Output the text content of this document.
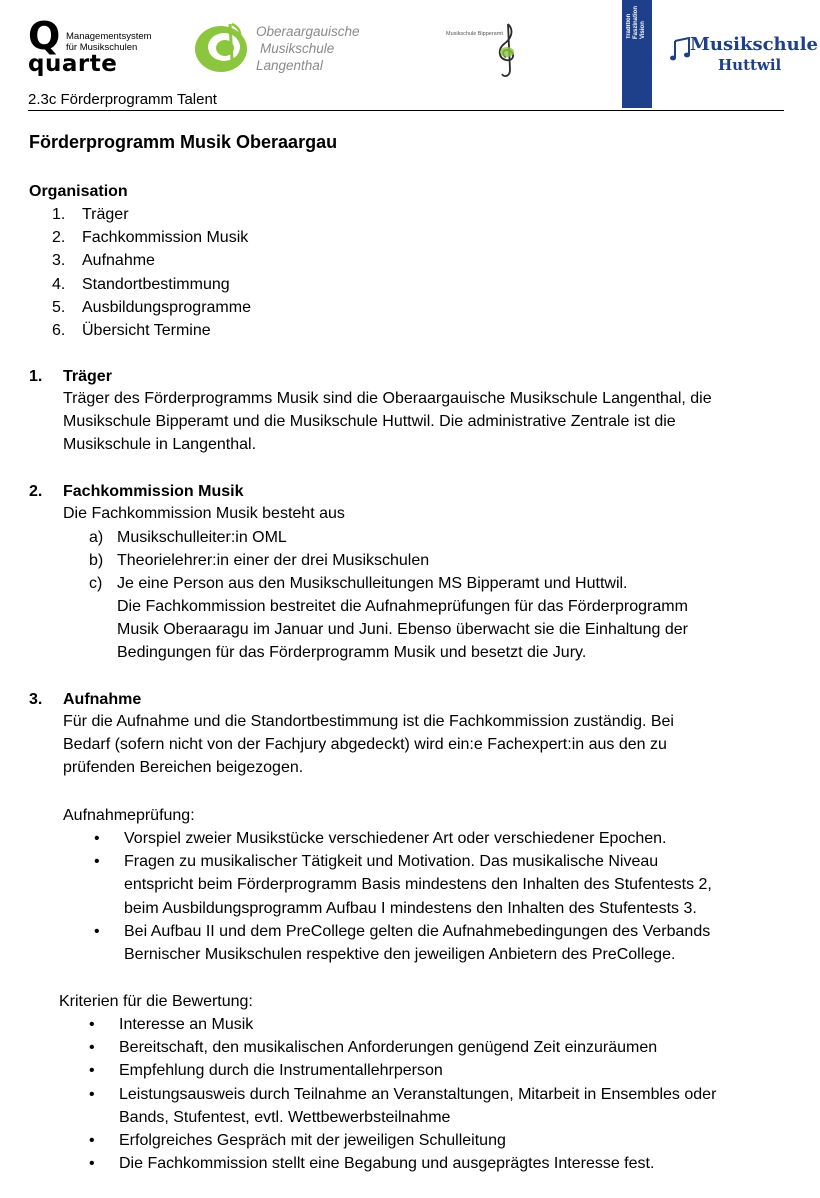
Q Managementsystem
für Musikschulen
quarte
Oberaargauische
Musikschule
Langenthal
Musikschule Bipperamt	Tradition
Faszination
Vision
Musikschule
Huttwil
2.3c Förderprogramm Talent
Förderprogramm Musik Oberaargau
Organisation
1. Träger
2. Fachkommission Musik
3. Aufnahme
4. Standortbestimmung
5. Ausbildungsprogramme
6. Übersicht Termine
1. Träger
Träger des Förderprogramms Musik sind die Oberaargauische Musikschule Langenthal, die
Musikschule Bipperamt und die Musikschule Huttwil. Die administrative Zentrale ist die
Musikschule in Langenthal.
2. Fachkommission Musik
Die Fachkommission Musik besteht aus
a) Musikschulleiter:in OML
b) Theorielehrer:in einer der drei Musikschulen
c) Je eine Person aus den Musikschulleitungen MS Bipperamt und Huttwil.
Die Fachkommission bestreitet die Aufnahmeprüfungen für das Förderprogramm
Musik Oberaaragu im Januar und Juni. Ebenso überwacht sie die Einhaltung der
Bedingungen für das Förderprogramm Musik und besetzt die Jury.
3. Aufnahme
Für die Aufnahme und die Standortbestimmung ist die Fachkommission zuständig. Bei
Bedarf (sofern nicht von der Fachjury abgedeckt) wird ein:e Fachexpert:in aus den zu
prüfenden Bereichen beigezogen.
Aufnahmeprüfung:
•
Vorspiel zweier Musikstücke verschiedener Art oder verschiedener Epochen.
•
Fragen zu musikalischer Tätigkeit und Motivation. Das musikalische Niveau
entspricht beim Förderprogramm Basis mindestens den Inhalten des Stufentests 2,
beim Ausbildungsprogramm Aufbau I mindestens den Inhalten des Stufentests 3.
•
Bei Aufbau II und dem PreCollege gelten die Aufnahmebedingungen des Verbands
Bernischer Musikschulen respektive den jeweiligen Anbietern des PreCollege.
Kriterien für die Bewertung:
•
Interesse an Musik
•
Bereitschaft, den musikalischen Anforderungen genügend Zeit einzuräumen
•
Empfehlung durch die Instrumentallehrperson
•
Leistungsausweis durch Teilnahme an Veranstaltungen, Mitarbeit in Ensembles oder
Bands, Stufentest, evtl. Wettbewerbsteilnahme
•
Erfolgreiches Gespräch mit der jeweiligen Schulleitung
•
Die Fachkommission stellt eine Begabung und ausgeprägtes Interesse fest.
